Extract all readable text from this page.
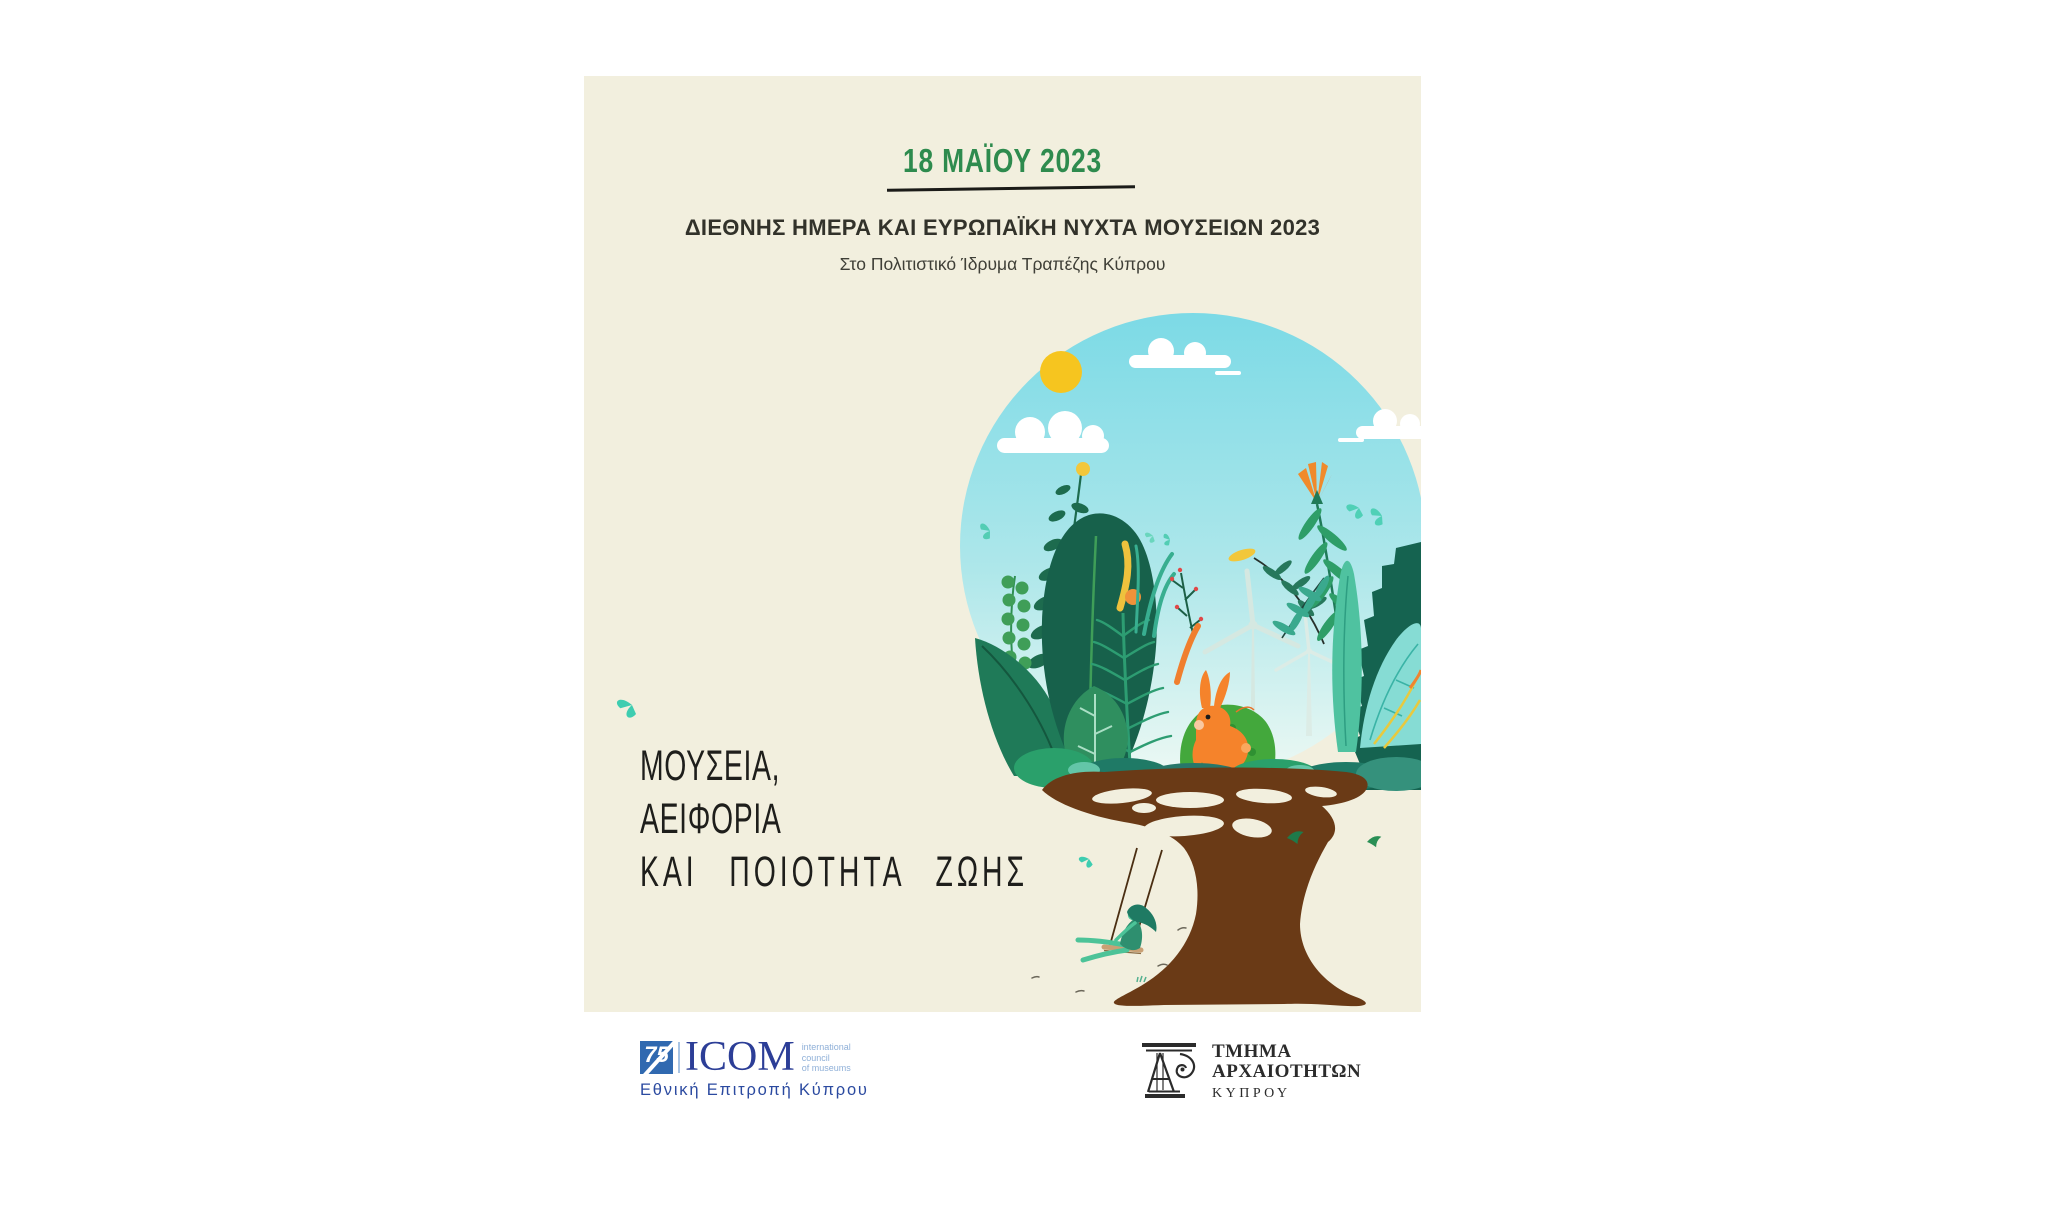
18 ΜΑΪΟΥ 2023
ΔΙΕΘΝΗΣ ΗΜΕΡΑ ΚΑΙ ΕΥΡΩΠΑΪΚΗ ΝΥΧΤΑ ΜΟΥΣΕΙΩΝ 2023
Στο Πολιτιστικό Ίδρυμα Τραπέζης Κύπρου
ΜΟΥΣΕΙΑ,
ΑΕΙΦΟΡΙΑ
ΚΑΙ ΠΟΙΟΤΗΤΑ ΖΩΗΣ
75 ICOM international
council
of museums
Εθνική Επιτροπή Κύπρου
ΤΜΗΜΑ
ΑΡΧΑΙΟΤΗΤΩΝ
ΚΥΠΡΟΥ
